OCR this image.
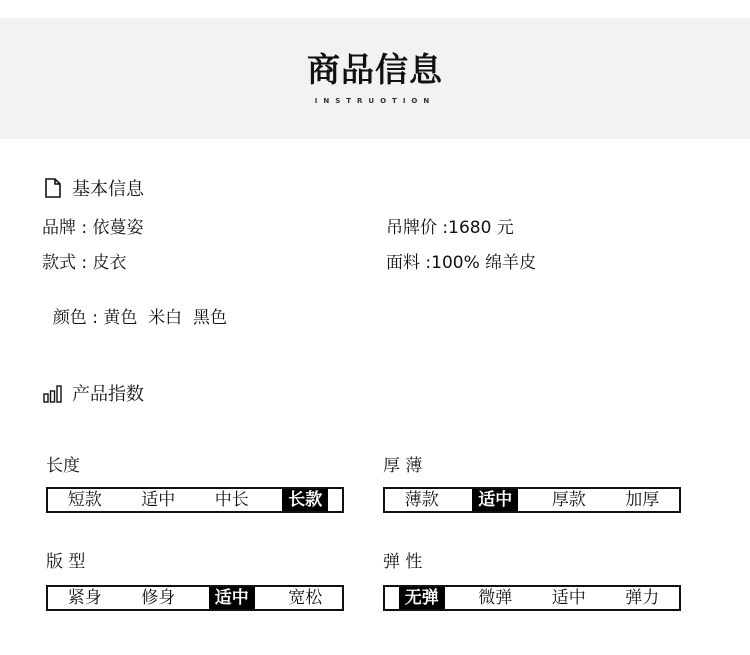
商品信息
INSTRUOTION
基本信息
品牌 : 依蔓姿
款式 : 皮衣

颜色 : 黄色  米白  黑色

吊牌价 :1680 元
面料 :100% 绵羊皮
产品指数
长度
短款	适中	中长	长款
厚 薄
薄款	适中	厚款	加厚
版 型
紧身	修身	适中	宽松
弹 性
无弹	微弹	适中	弹力
